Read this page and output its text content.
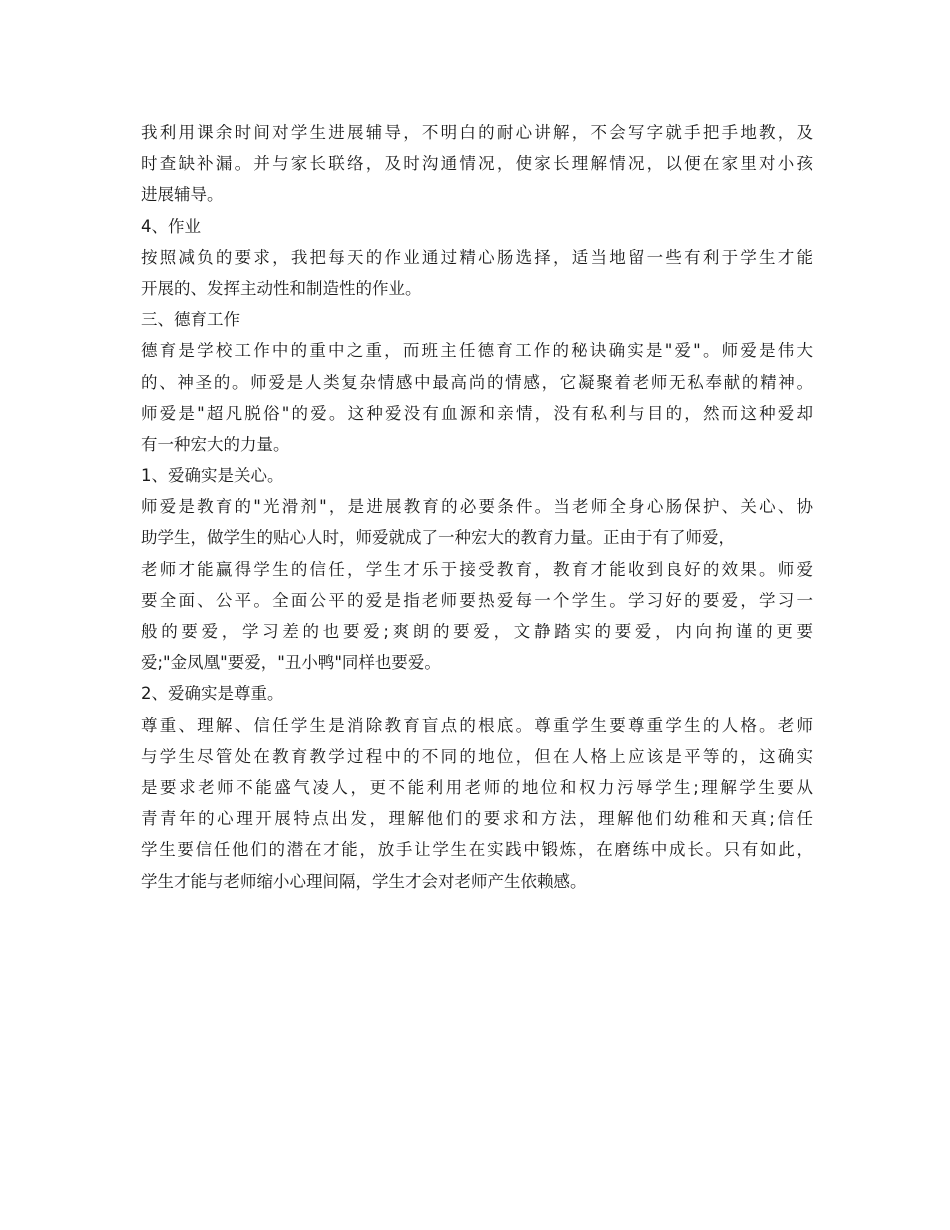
我利用课余时间对学生进展辅导，不明白的耐心讲解，不会写字就手把手地教，及
时查缺补漏。并与家长联络，及时沟通情况，使家长理解情况，以便在家里对小孩
进展辅导。
4、作业
按照减负的要求，我把每天的作业通过精心肠选择，适当地留一些有利于学生才能
开展的、发挥主动性和制造性的作业。
三、德育工作
德育是学校工作中的重中之重，而班主任德育工作的秘诀确实是"爱"。师爱是伟大
的、神圣的。师爱是人类复杂情感中最高尚的情感，它凝聚着老师无私奉献的精神。
师爱是"超凡脱俗"的爱。这种爱没有血源和亲情，没有私利与目的，然而这种爱却
有一种宏大的力量。
1、爱确实是关心。
师爱是教育的"光滑剂"，是进展教育的必要条件。当老师全身心肠保护、关心、协
助学生，做学生的贴心人时，师爱就成了一种宏大的教育力量。正由于有了师爱，
老师才能赢得学生的信任，学生才乐于接受教育，教育才能收到良好的效果。师爱
要全面、公平。全面公平的爱是指老师要热爱每一个学生。学习好的要爱，学习一
般的要爱，学习差的也要爱;爽朗的要爱，文静踏实的要爱，内向拘谨的更要
爱;"金凤凰"要爱，"丑小鸭"同样也要爱。
2、爱确实是尊重。
尊重、理解、信任学生是消除教育盲点的根底。尊重学生要尊重学生的人格。老师
与学生尽管处在教育教学过程中的不同的地位，但在人格上应该是平等的，这确实
是要求老师不能盛气凌人，更不能利用老师的地位和权力污辱学生;理解学生要从
青青年的心理开展特点出发，理解他们的要求和方法，理解他们幼稚和天真;信任
学生要信任他们的潜在才能，放手让学生在实践中锻炼，在磨练中成长。只有如此，
学生才能与老师缩小心理间隔，学生才会对老师产生依赖感。
